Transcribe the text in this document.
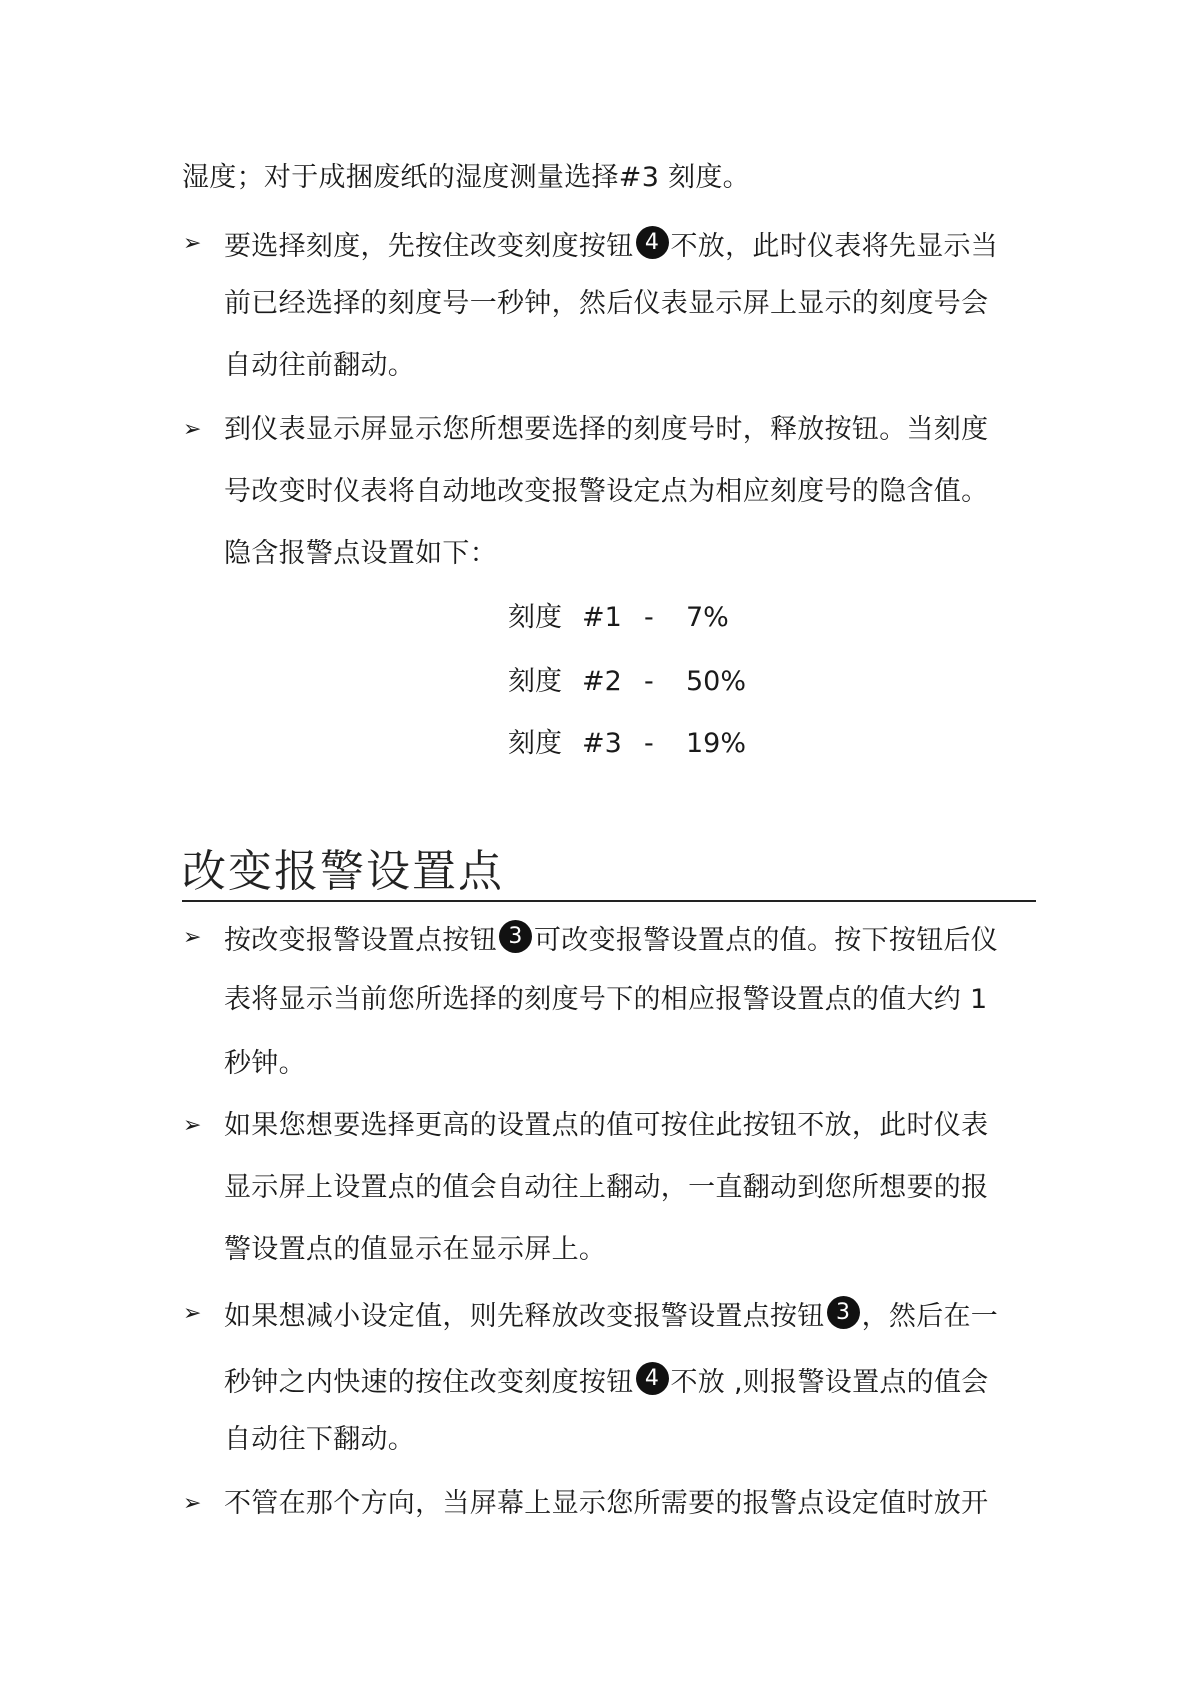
湿度；对于成捆废纸的湿度测量选择#3 刻度。
➢ 要选择刻度，先按住改变刻度按钮 4 不放，此时仪表将先显示当
前已经选择的刻度号一秒钟，然后仪表显示屏上显示的刻度号会
自动往前翻动。
➢ 到仪表显示屏显示您所想要选择的刻度号时，释放按钮。当刻度
号改变时仪表将自动地改变报警设定点为相应刻度号的隐含值。
隐含报警点设置如下：
刻度 #1 - 7%
刻度 #2 - 50%
刻度 #3 - 19%
改变报警设置点
➢ 按改变报警设置点按钮 3 可改变报警设置点的值。按下按钮后仪
表将显示当前您所选择的刻度号下的相应报警设置点的值大约 1
秒钟。
➢ 如果您想要选择更高的设置点的值可按住此按钮不放，此时仪表
显示屏上设置点的值会自动往上翻动，一直翻动到您所想要的报
警设置点的值显示在显示屏上。
➢ 如果想减小设定值，则先释放改变报警设置点按钮 3 ，然后在一
秒钟之内快速的按住改变刻度按钮 4 不放 ,则报警设置点的值会
自动往下翻动。
➢ 不管在那个方向，当屏幕上显示您所需要的报警点设定值时放开
